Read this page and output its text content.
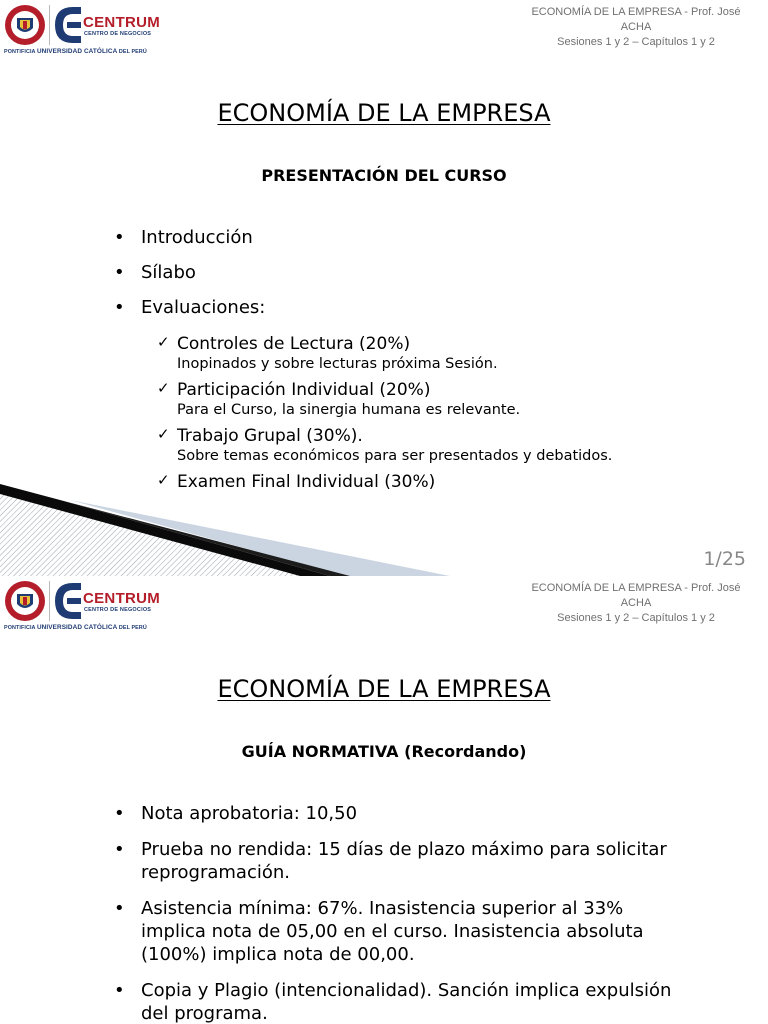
CENTRUM
CENTRO DE NEGOCIOS
PONTIFICIA UNIVERSIDAD CATÓLICA DEL PERÚ
ECONOMÍA DE LA EMPRESA - Prof. José ACHA
Sesiones 1 y 2 – Capítulos 1 y 2
ECONOMÍA DE LA EMPRESA
PRESENTACIÓN DEL CURSO
• Introducción
• Sílabo
• Evaluaciones:
✓ Controles de Lectura (20%)
Inopinados y sobre lecturas próxima Sesión.
✓ Participación Individual (20%)
Para el Curso, la sinergia humana es relevante.
✓ Trabajo Grupal (30%).
Sobre temas económicos para ser presentados y debatidos.
✓ Examen Final Individual (30%)
1/25
CENTRUM
CENTRO DE NEGOCIOS
PONTIFICIA UNIVERSIDAD CATÓLICA DEL PERÚ
ECONOMÍA DE LA EMPRESA - Prof. José ACHA
Sesiones 1 y 2 – Capítulos 1 y 2
ECONOMÍA DE LA EMPRESA
GUÍA NORMATIVA (Recordando)
• Nota aprobatoria: 10,50
• Prueba no rendida: 15 días de plazo máximo para solicitar reprogramación.
• Asistencia mínima: 67%. Inasistencia superior al 33% implica nota de 05,00 en el curso. Inasistencia absoluta (100%) implica nota de 00,00.
• Copia y Plagio (intencionalidad). Sanción implica expulsión del programa.
